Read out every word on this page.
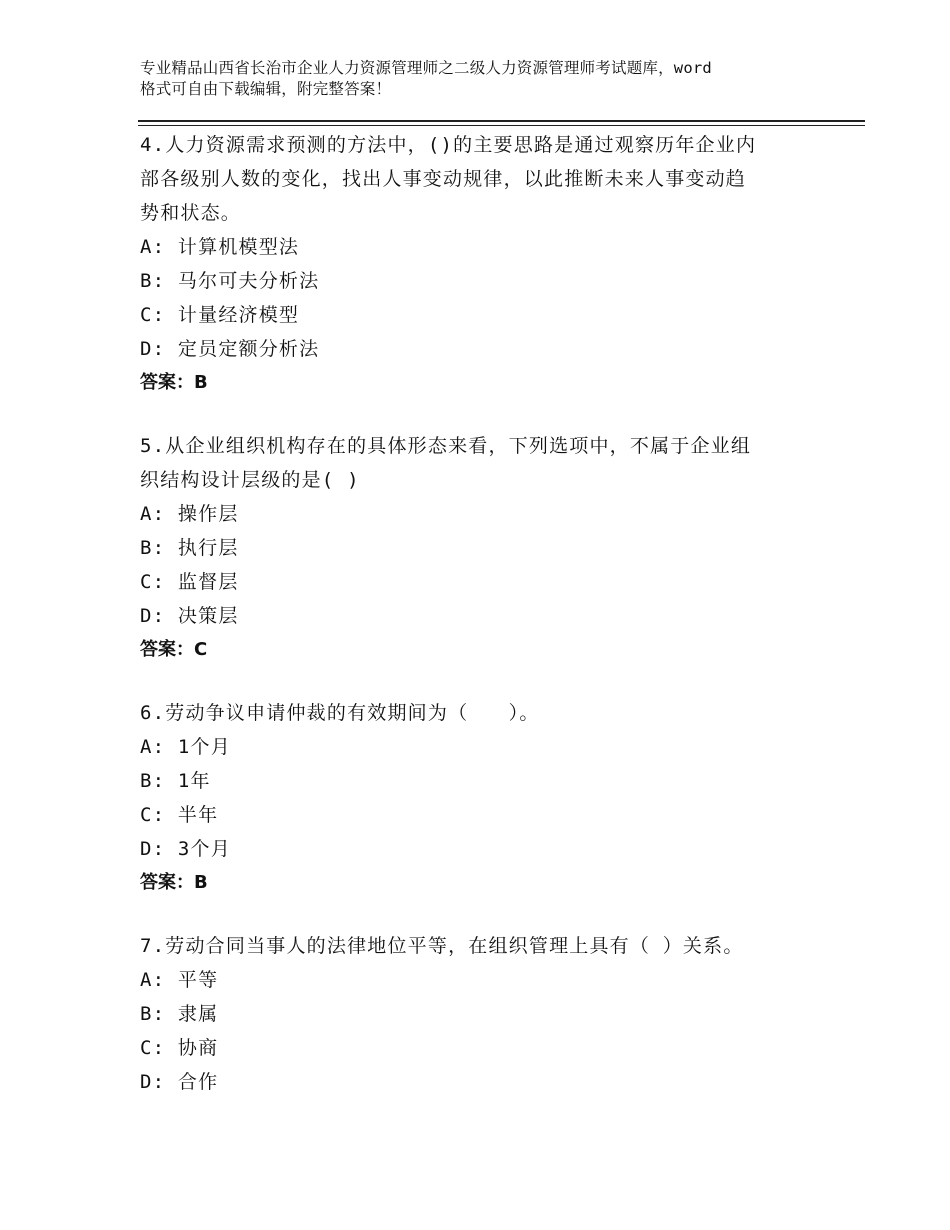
专业精品山西省长治市企业人力资源管理师之二级人力资源管理师考试题库，word
格式可自由下载编辑，附完整答案！
4.人力资源需求预测的方法中，()的主要思路是通过观察历年企业内
部各级别人数的变化，找出人事变动规律，以此推断未来人事变动趋
势和状态。
A: 计算机模型法
B: 马尔可夫分析法
C: 计量经济模型
D: 定员定额分析法
答案：B
5.从企业组织机构存在的具体形态来看，下列选项中，不属于企业组
织结构设计层级的是( )
A: 操作层
B: 执行层
C: 监督层
D: 决策层
答案：C
6.劳动争议申请仲裁的有效期间为（　　）。
A: 1个月
B: 1年
C: 半年
D: 3个月
答案：B
7.劳动合同当事人的法律地位平等，在组织管理上具有（ ）关系。
A: 平等
B: 隶属
C: 协商
D: 合作
